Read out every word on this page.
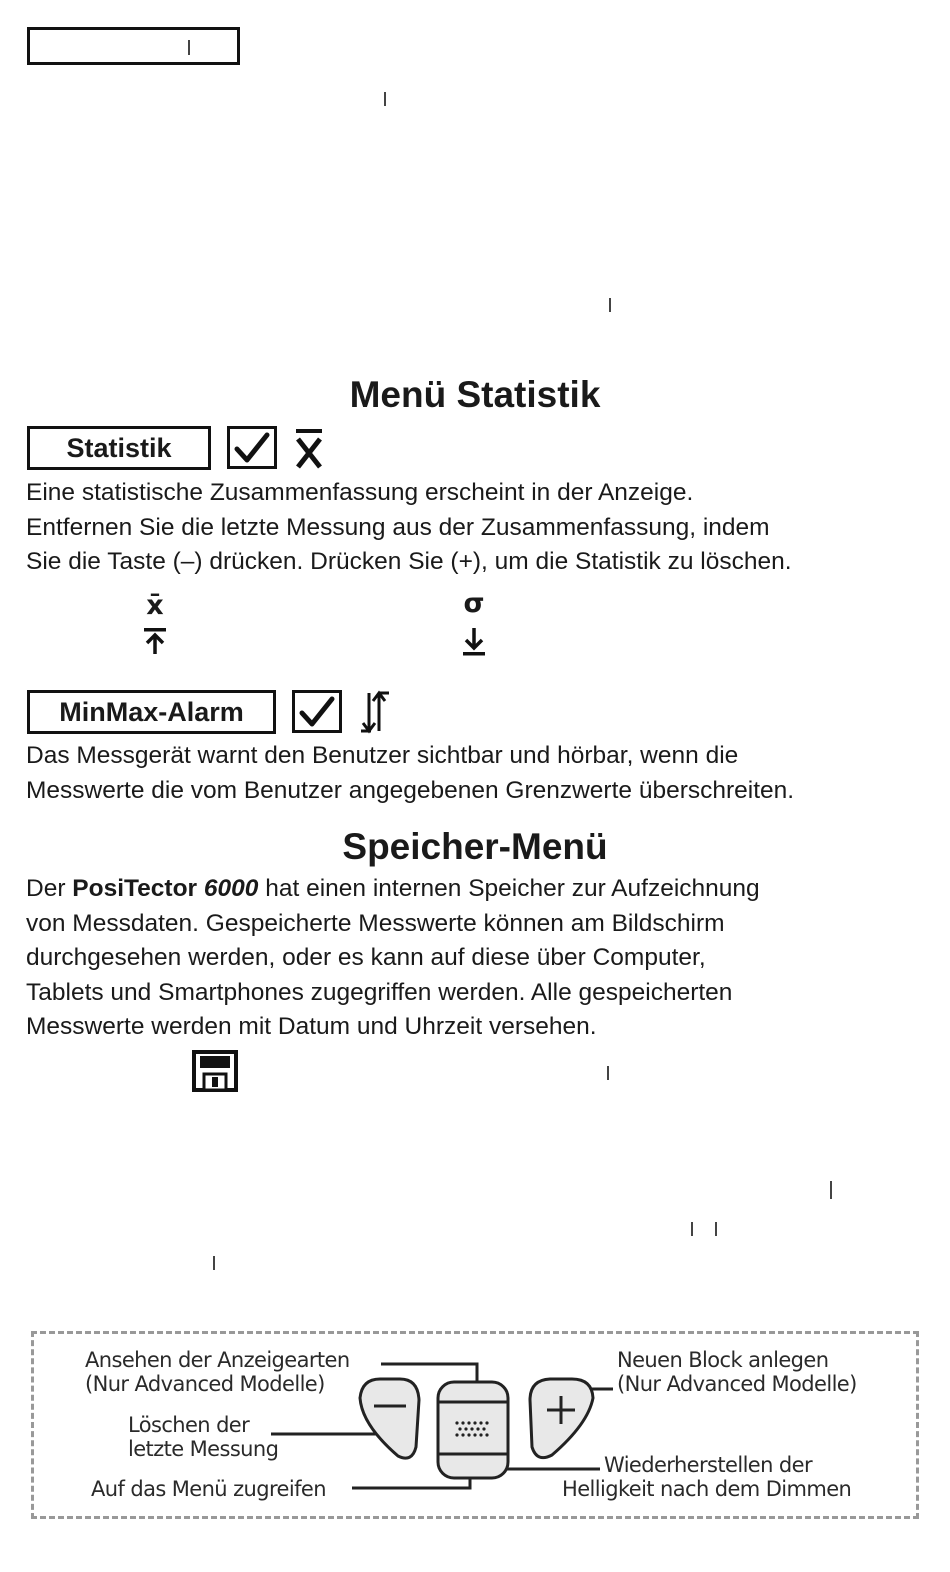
Menü Statistik
Statistik
Eine statistische Zusammenfassung erscheint in der Anzeige.
Entfernen Sie die letzte Messung aus der Zusammenfassung, indem
Sie die Taste (–) drücken. Drücken Sie (+), um die Statistik zu löschen.
x̄	σ
MinMax-Alarm
Das Messgerät warnt den Benutzer sichtbar und hörbar, wenn die
Messwerte die vom Benutzer angegebenen Grenzwerte überschreiten.
Speicher-Menü
Der PosiTector 6000 hat einen internen Speicher zur Aufzeichnung
von Messdaten. Gespeicherte Messwerte können am Bildschirm
durchgesehen werden, oder es kann auf diese über Computer,
Tablets und Smartphones zugegriffen werden. Alle gespeicherten
Messwerte werden mit Datum und Uhrzeit versehen.
Ansehen der Anzeigearten
(Nur Advanced Modelle)
Löschen der
letzte Messung
Auf das Menü zugreifen
Neuen Block anlegen
(Nur Advanced Modelle)
Wiederherstellen der
Helligkeit nach dem Dimmen
